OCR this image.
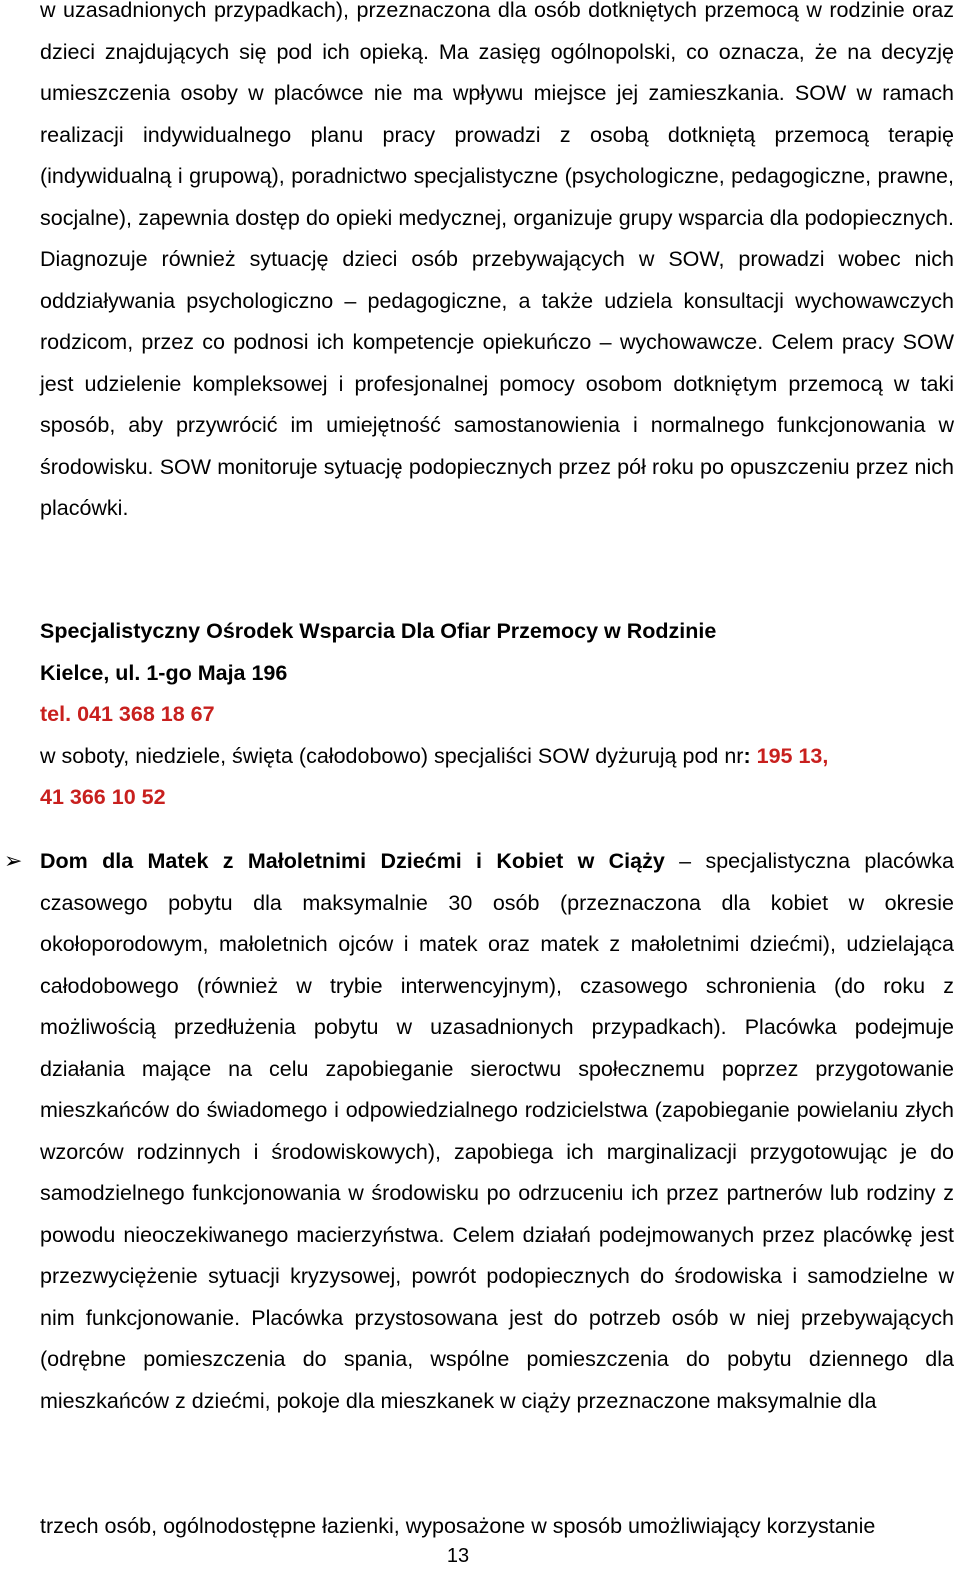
w uzasadnionych przypadkach), przeznaczona dla osób dotkniętych przemocą w rodzinie oraz dzieci znajdujących się pod ich opieką. Ma zasięg ogólnopolski, co oznacza, że na decyzję umieszczenia osoby w placówce nie ma wpływu miejsce jej zamieszkania. SOW w ramach realizacji indywidualnego planu pracy prowadzi z osobą dotkniętą przemocą terapię (indywidualną i grupową), poradnictwo specjalistyczne (psychologiczne, pedagogiczne, prawne, socjalne), zapewnia dostęp do opieki medycznej, organizuje grupy wsparcia dla podopiecznych. Diagnozuje również sytuację dzieci osób przebywających w SOW, prowadzi wobec nich oddziaływania psychologiczno – pedagogiczne, a także udziela konsultacji wychowawczych rodzicom, przez co podnosi ich kompetencje opiekuńczo – wychowawcze. Celem pracy SOW jest udzielenie kompleksowej i profesjonalnej pomocy osobom dotkniętym przemocą w taki sposób, aby przywrócić im umiejętność samostanowienia i normalnego funkcjonowania w środowisku. SOW monitoruje sytuację podopiecznych przez pół roku po opuszczeniu przez nich placówki.

Specjalistyczny Ośrodek Wsparcia Dla Ofiar Przemocy w Rodzinie
Kielce, ul. 1-go Maja 196
tel. 041 368 18 67
w soboty, niedziele, święta (całodobowo) specjaliści SOW dyżurują pod nr: 195 13,
41 366 10 52
➢ Dom dla Matek z Małoletnimi Dziećmi i Kobiet w Ciąży – specjalistyczna placówka czasowego pobytu dla maksymalnie 30 osób (przeznaczona dla kobiet w okresie okołoporodowym, małoletnich ojców i matek oraz matek z małoletnimi dziećmi), udzielająca całodobowego (również w trybie interwencyjnym), czasowego schronienia (do roku z możliwością przedłużenia pobytu w uzasadnionych przypadkach). Placówka podejmuje działania mające na celu zapobieganie sieroctwu społecznemu poprzez przygotowanie mieszkańców do świadomego i odpowiedzialnego rodzicielstwa (zapobieganie powielaniu złych wzorców rodzinnych i środowiskowych), zapobiega ich marginalizacji przygotowując je do samodzielnego funkcjonowania w środowisku po odrzuceniu ich przez partnerów lub rodziny z powodu nieoczekiwanego macierzyństwa. Celem działań podejmowanych przez placówkę jest przezwyciężenie sytuacji kryzysowej, powrót podopiecznych do środowiska i samodzielne w nim funkcjonowanie. Placówka przystosowana jest do potrzeb osób w niej przebywających (odrębne pomieszczenia do spania, wspólne pomieszczenia do pobytu dziennego dla mieszkańców z dziećmi, pokoje dla mieszkanek w ciąży przeznaczone maksymalnie dla

trzech osób, ogólnodostępne łazienki, wyposażone w sposób umożliwiający korzystanie

13
